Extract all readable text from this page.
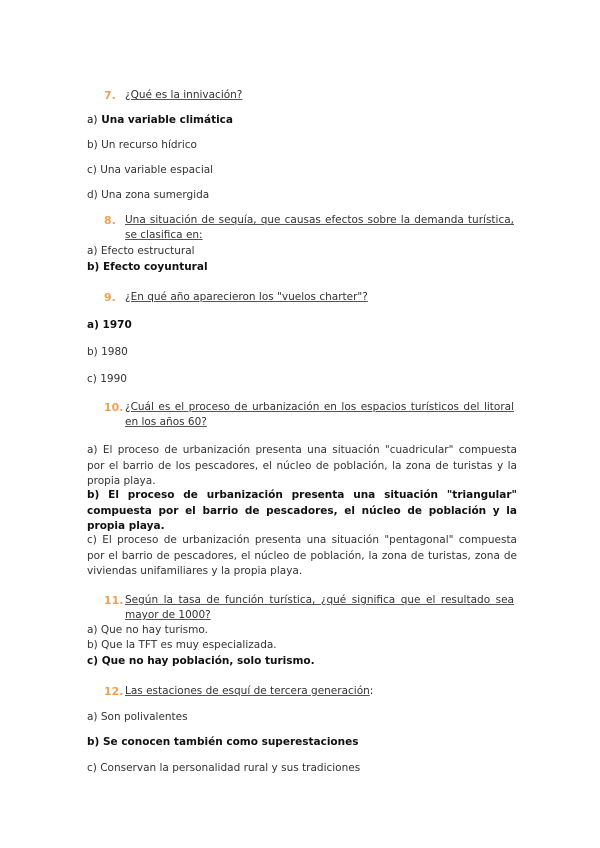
7. ¿Qué es la innivación?
a) Una variable climática
b) Un recurso hídrico
c) Una variable espacial
d) Una zona sumergida
8. Una situación de sequía, que causas efectos sobre la demanda turística, se clasifica en:
a) Efecto estructural
b) Efecto coyuntural
9. ¿En qué año aparecieron los "vuelos charter"?
a) 1970
b) 1980
c) 1990
10. ¿Cuál es el proceso de urbanización en los espacios turísticos del litoral en los años 60?
a) El proceso de urbanización presenta una situación "cuadricular" compuesta por el barrio de los pescadores, el núcleo de población, la zona de turistas y la propia playa.
b) El proceso de urbanización presenta una situación "triangular" compuesta por el barrio de pescadores, el núcleo de población y la propia playa.
c) El proceso de urbanización presenta una situación "pentagonal" compuesta por el barrio de pescadores, el núcleo de población, la zona de turistas, zona de viviendas unifamiliares y la propia playa.
11. Según la tasa de función turística, ¿qué significa que el resultado sea mayor de 1000?
a) Que no hay turismo.
b) Que la TFT es muy especializada.
c) Que no hay población, solo turismo.
12. Las estaciones de esquí de tercera generación:
a) Son polivalentes
b) Se conocen también como superestaciones
c) Conservan la personalidad rural y sus tradiciones
